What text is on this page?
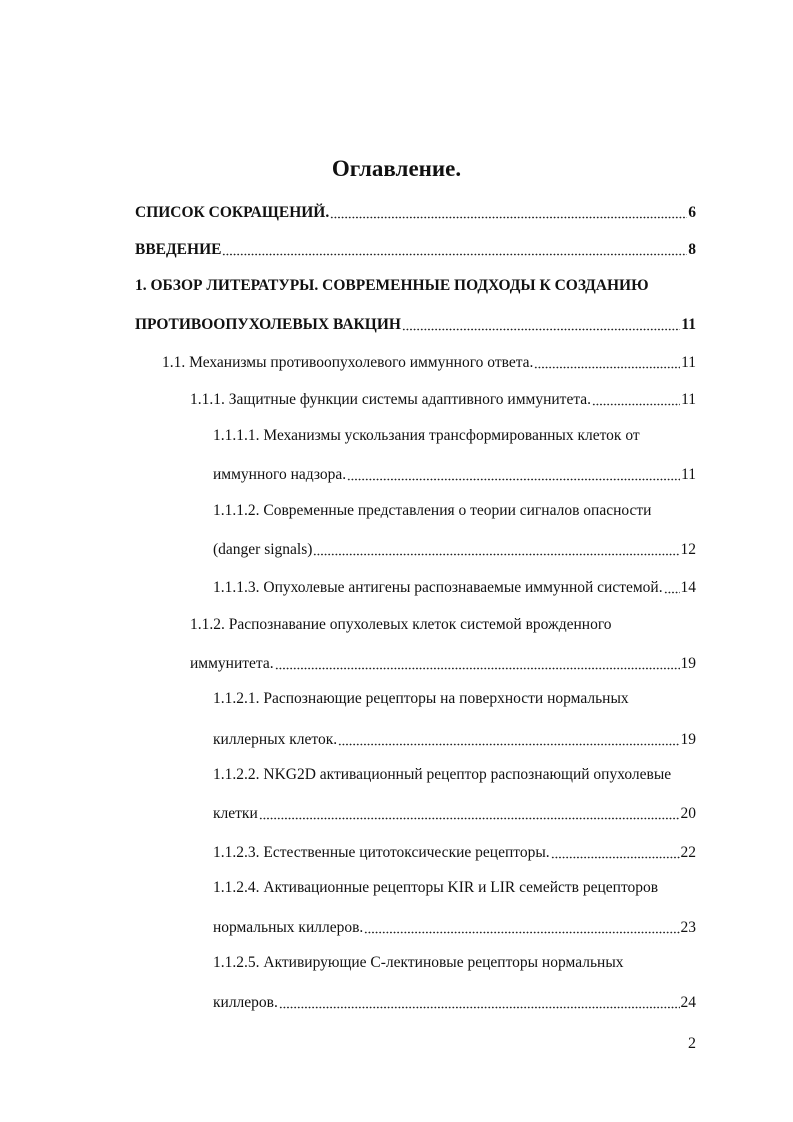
Оглавление.
СПИСОК СОКРАЩЕНИЙ.	6
ВВЕДЕНИЕ	8
1. ОБЗОР ЛИТЕРАТУРЫ. СОВРЕМЕННЫЕ ПОДХОДЫ К СОЗДАНИЮ
ПРОТИВООПУХОЛЕВЫХ ВАКЦИН	11
1.1. Механизмы противоопухолевого иммунного ответа.	11
1.1.1. Защитные функции системы адаптивного иммунитета.	11
1.1.1.1. Механизмы ускользания трансформированных клеток от
иммунного надзора.	11
1.1.1.2. Современные представления о теории сигналов опасности
(danger signals)	12
1.1.1.3. Опухолевые антигены распознаваемые иммунной системой. 14
1.1.2. Распознавание опухолевых клеток системой врожденного
иммунитета.	19
1.1.2.1. Распознающие рецепторы на поверхности нормальных
киллерных клеток.	19
1.1.2.2. NKG2D активационный рецептор распознающий опухолевые
клетки	20
1.1.2.3. Естественные цитотоксические рецепторы.	22
1.1.2.4. Активационные рецепторы KIR и LIR семейств рецепторов
нормальных киллеров.	23
1.1.2.5. Активирующие С-лектиновые рецепторы нормальных
киллеров.	24
2
